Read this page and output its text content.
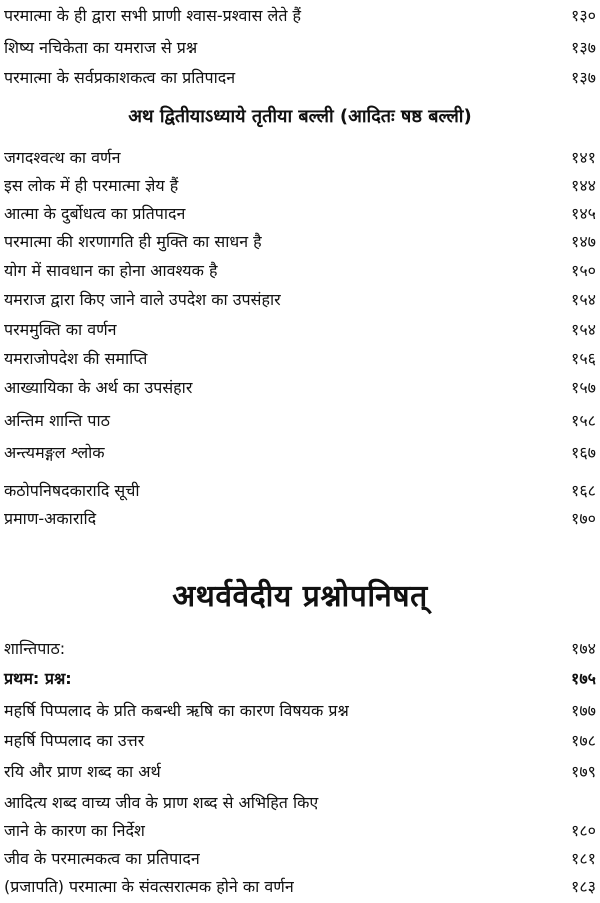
परमात्मा के ही द्वारा सभी प्राणी श्वास-प्रश्वास लेते हैं	१३०
शिष्य नचिकेता का यमराज से प्रश्न	१३७
परमात्मा के सर्वप्रकाशकत्व का प्रतिपादन	१३७
अथ द्वितीयाऽध्याये तृतीया बल्ली (आदितः षष्ठ बल्ली)
जगदश्वत्थ का वर्णन	१४१
इस लोक में ही परमात्मा ज्ञेय हैं	१४४
आत्मा के दुर्बोधत्व का प्रतिपादन	१४५
परमात्मा की शरणागति ही मुक्ति का साधन है	१४७
योग में सावधान का होना आवश्यक है	१५०
यमराज द्वारा किए जाने वाले उपदेश का उपसंहार	१५४
परममुक्ति का वर्णन	१५४
यमराजोपदेश की समाप्ति	१५६
आख्यायिका के अर्थ का उपसंहार	१५७
अन्तिम शान्ति पाठ	१५८
अन्त्यमङ्गल श्लोक	१६७
कठोपनिषदकारादि सूची	१६८
प्रमाण-अकारादि	१७०
अथर्ववेदीय प्रश्नोपनिषत्
शान्तिपाठ:	१७४
प्रथम: प्रश्न:	१७५
महर्षि पिप्पलाद के प्रति कबन्धी ऋषि का कारण विषयक प्रश्न	१७७
महर्षि पिप्पलाद का उत्तर	१७८
रयि और प्राण शब्द का अर्थ	१७९
आदित्य शब्द वाच्य जीव के प्राण शब्द से अभिहित किए
जाने के कारण का निर्देश	१८०
जीव के परमात्मकत्व का प्रतिपादन	१८१
(प्रजापति) परमात्मा के संवत्सरात्मक होने का वर्णन	१८३
